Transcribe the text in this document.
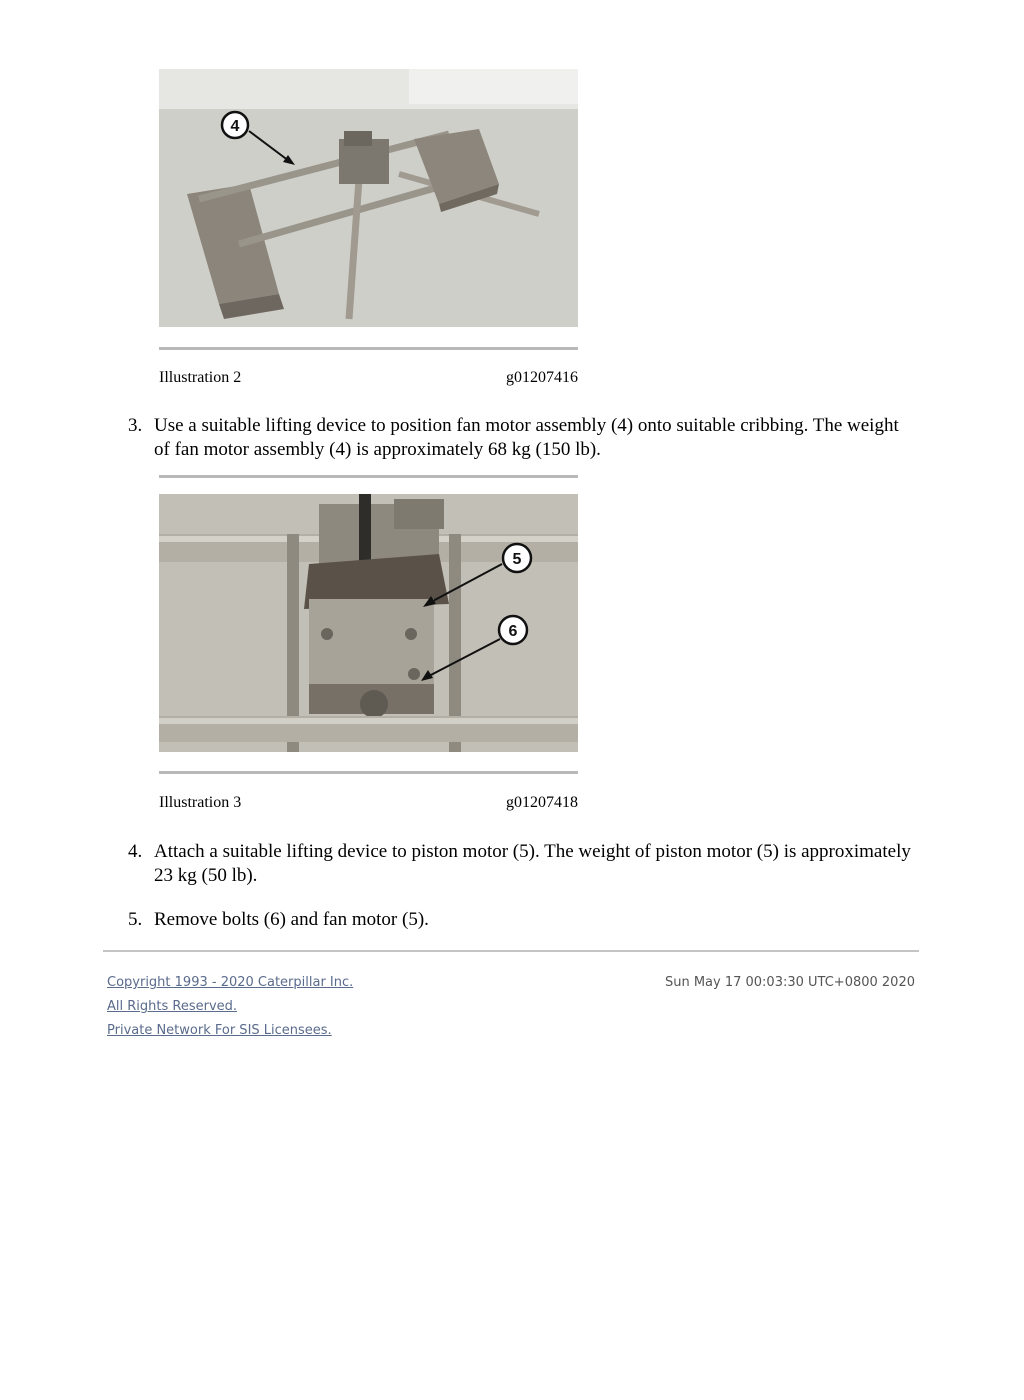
4
Illustration 2	g01207416
3. Use a suitable lifting device to position fan motor assembly (4) onto suitable cribbing. The weight of fan motor assembly (4) is approximately 68 kg (150 lb).
5
6
Illustration 3	g01207418
4. Attach a suitable lifting device to piston motor (5). The weight of piston motor (5) is approximately 23 kg (50 lb).
5. Remove bolts (6) and fan motor (5).
Copyright 1993 - 2020 Caterpillar Inc.	Sun May 17 00:03:30 UTC+0800 2020
All Rights Reserved.
Private Network For SIS Licensees.
